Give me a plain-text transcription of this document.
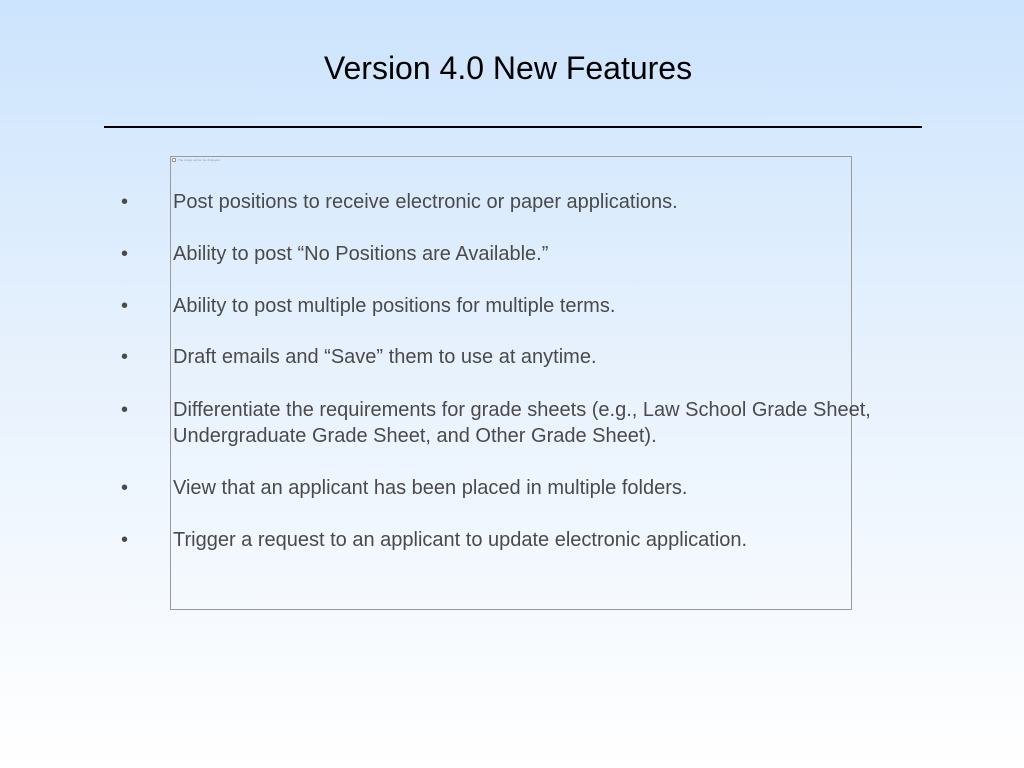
Version 4.0 New Features
The image cannot be displayed.
• Post positions to receive electronic or paper applications.
• Ability to post “No Positions are Available.”
• Ability to post multiple positions for multiple terms.
• Draft emails and “Save” them to use at anytime.
• Differentiate the requirements for grade sheets (e.g., Law School Grade Sheet, Undergraduate Grade Sheet, and Other Grade Sheet).
• View that an applicant has been placed in multiple folders.
• Trigger a request to an applicant to update electronic application.
